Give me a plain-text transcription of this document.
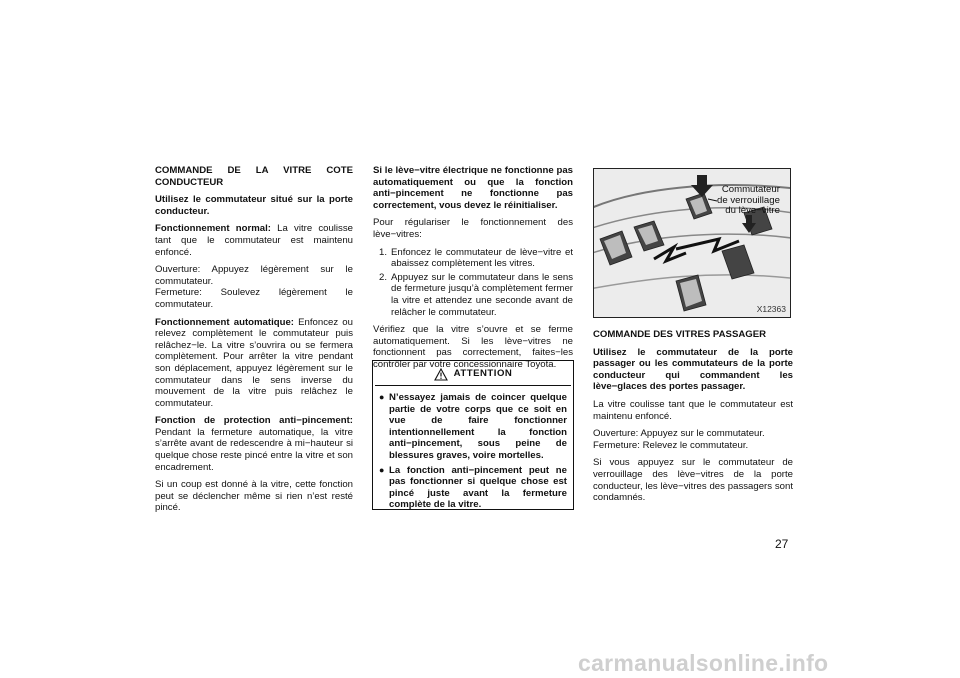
COMMANDE DE LA VITRE COTE CONDUCTEUR

Utilisez le commutateur situé sur la porte conducteur.

Fonctionnement normal: La vitre coulisse tant que le commutateur est maintenu enfoncé.

Ouverture: Appuyez légèrement sur le commutateur.

Fermeture: Soulevez légèrement le commutateur.

Fonctionnement automatique: Enfoncez ou relevez complètement le commutateur puis relâchez−le. La vitre s’ouvrira ou se fermera complètement. Pour arrêter la vitre pendant son déplacement, appuyez légèrement sur le commutateur dans le sens inverse du mouvement de la vitre puis relâchez le commutateur.

Fonction de protection anti−pincement: Pendant la fermeture automatique, la vitre s’arrête avant de redescendre à mi−hauteur si quelque chose reste pincé entre la vitre et son encadrement.

Si un coup est donné à la vitre, cette fonction peut se déclencher même si rien n’est resté pincé.

Si le lève−vitre électrique ne fonctionne pas automatiquement ou que la fonction anti−pincement ne fonctionne pas correctement, vous devez le réinitialiser.

Pour régulariser le fonctionnement des lève−vitres:

1. Enfoncez le commutateur de lève−vitre et abaissez complètement les vitres.
2. Appuyez sur le commutateur dans le sens de fermeture jusqu’à complètement fermer la vitre et attendez une seconde avant de relâcher le commutateur.

Vérifiez que la vitre s’ouvre et se ferme automatiquement. Si les lève−vitres ne fonctionnent pas correctement, faites−les contrôler par votre concessionnaire Toyota.

ATTENTION
● N’essayez jamais de coincer quelque partie de votre corps que ce soit en vue de faire fonctionner intentionnellement la fonction anti−pincement, sous peine de blessures graves, voire mortelles.
● La fonction anti−pincement peut ne pas fonctionner si quelque chose est pincé juste avant la fermeture complète de la vitre.
Commutateur
de verrouillage
du lève−vitre
X12363

COMMANDE DES VITRES PASSAGER

Utilisez le commutateur de la porte passager ou les commutateurs de la porte conducteur qui commandent les lève−glaces des portes passager.

La vitre coulisse tant que le commutateur est maintenu enfoncé.

Ouverture: Appuyez sur le commutateur.

Fermeture: Relevez le commutateur.

Si vous appuyez sur le commutateur de verrouillage des lève−vitres de la porte conducteur, les lève−vitres des passagers sont condamnés.

27
carmanualsonline.info
